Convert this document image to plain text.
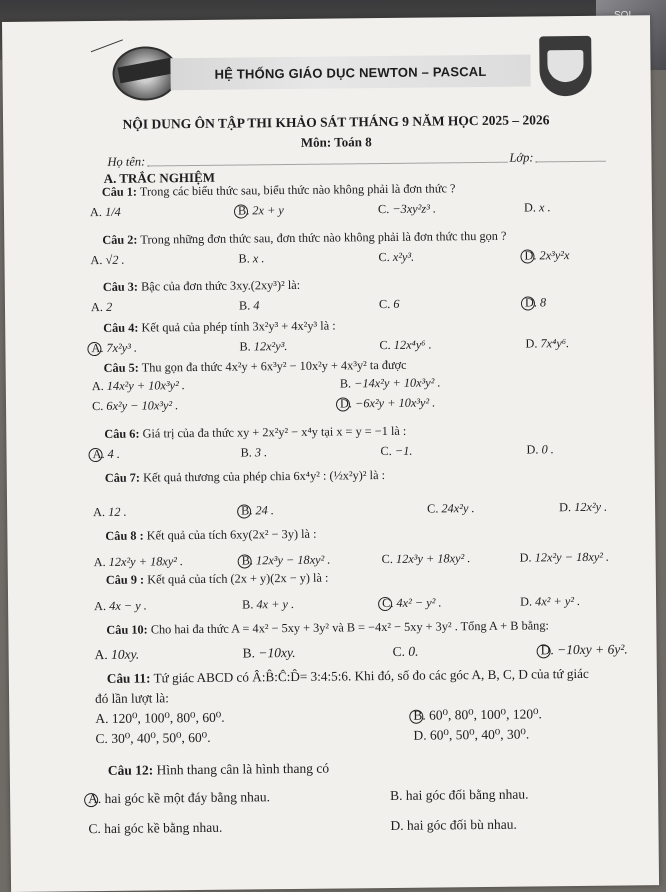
HỆ THỐNG GIÁO DỤC NEWTON – PASCAL
NỘI DUNG ÔN TẬP THI KHẢO SÁT THÁNG 9 NĂM HỌC 2025 – 2026
Môn: Toán 8
Họ tên:	Lớp:
A. TRẮC NGHIỆM
Câu 1: Trong các biểu thức sau, biểu thức nào không phải là đơn thức ?
A. 1/4	B. 2x + y	C. −3xy²z³ .	D. x .
Câu 2: Trong những đơn thức sau, đơn thức nào không phải là đơn thức thu gọn ?
A. √2 .	B. x .	C. x²y³.	D. 2x³y²x
Câu 3: Bậc của đơn thức 3xy.(2xy³)² là:
A. 2	B. 4	C. 6	D. 8
Câu 4: Kết quả của phép tính 3x²y³ + 4x²y³ là :
A. 7x²y³ .	B. 12x²y³.	C. 12x⁴y⁶ .	D. 7x⁴y⁶.
Câu 5: Thu gọn đa thức 4x²y + 6x³y² − 10x²y + 4x³y² ta được
A. 14x²y + 10x³y² .	B. −14x²y + 10x³y² .
C. 6x²y − 10x³y² .	D. −6x²y + 10x³y² .
Câu 6: Giá trị của đa thức xy + 2x²y² − x⁴y tại x = y = −1 là :
A. 4 .	B. 3 .	C. −1.	D. 0 .
Câu 7: Kết quả thương của phép chia 6x⁴y² : (½x²y)² là :
A. 12 .	B. 24 .	C. 24x²y .	D. 12x²y .
Câu 8 : Kết quả của tích 6xy(2x² − 3y) là :
A. 12x²y + 18xy² .	B. 12x³y − 18xy² .	C. 12x³y + 18xy² .	D. 12x²y − 18xy² .
Câu 9 : Kết quả của tích (2x + y)(2x − y) là :
A. 4x − y .	B. 4x + y .	C. 4x² − y² .	D. 4x² + y² .
Câu 10: Cho hai đa thức A = 4x² − 5xy + 3y² và B = −4x² − 5xy + 3y² . Tổng A + B bằng:
A. 10xy.	B. −10xy.	C. 0.	D. −10xy + 6y².
Câu 11: Tứ giác ABCD có Â:B̂:Ĉ:D̂= 3:4:5:6. Khi đó, số đo các góc A, B, C, D của tứ giác
đó lần lượt là:
A. 120⁰, 100⁰, 80⁰, 60⁰.	B. 60⁰, 80⁰, 100⁰, 120⁰.
C. 30⁰, 40⁰, 50⁰, 60⁰.	D. 60⁰, 50⁰, 40⁰, 30⁰.
Câu 12: Hình thang cân là hình thang có
A. hai góc kề một đáy bằng nhau.	B. hai góc đối bằng nhau.
C. hai góc kề bằng nhau.	D. hai góc đối bù nhau.
